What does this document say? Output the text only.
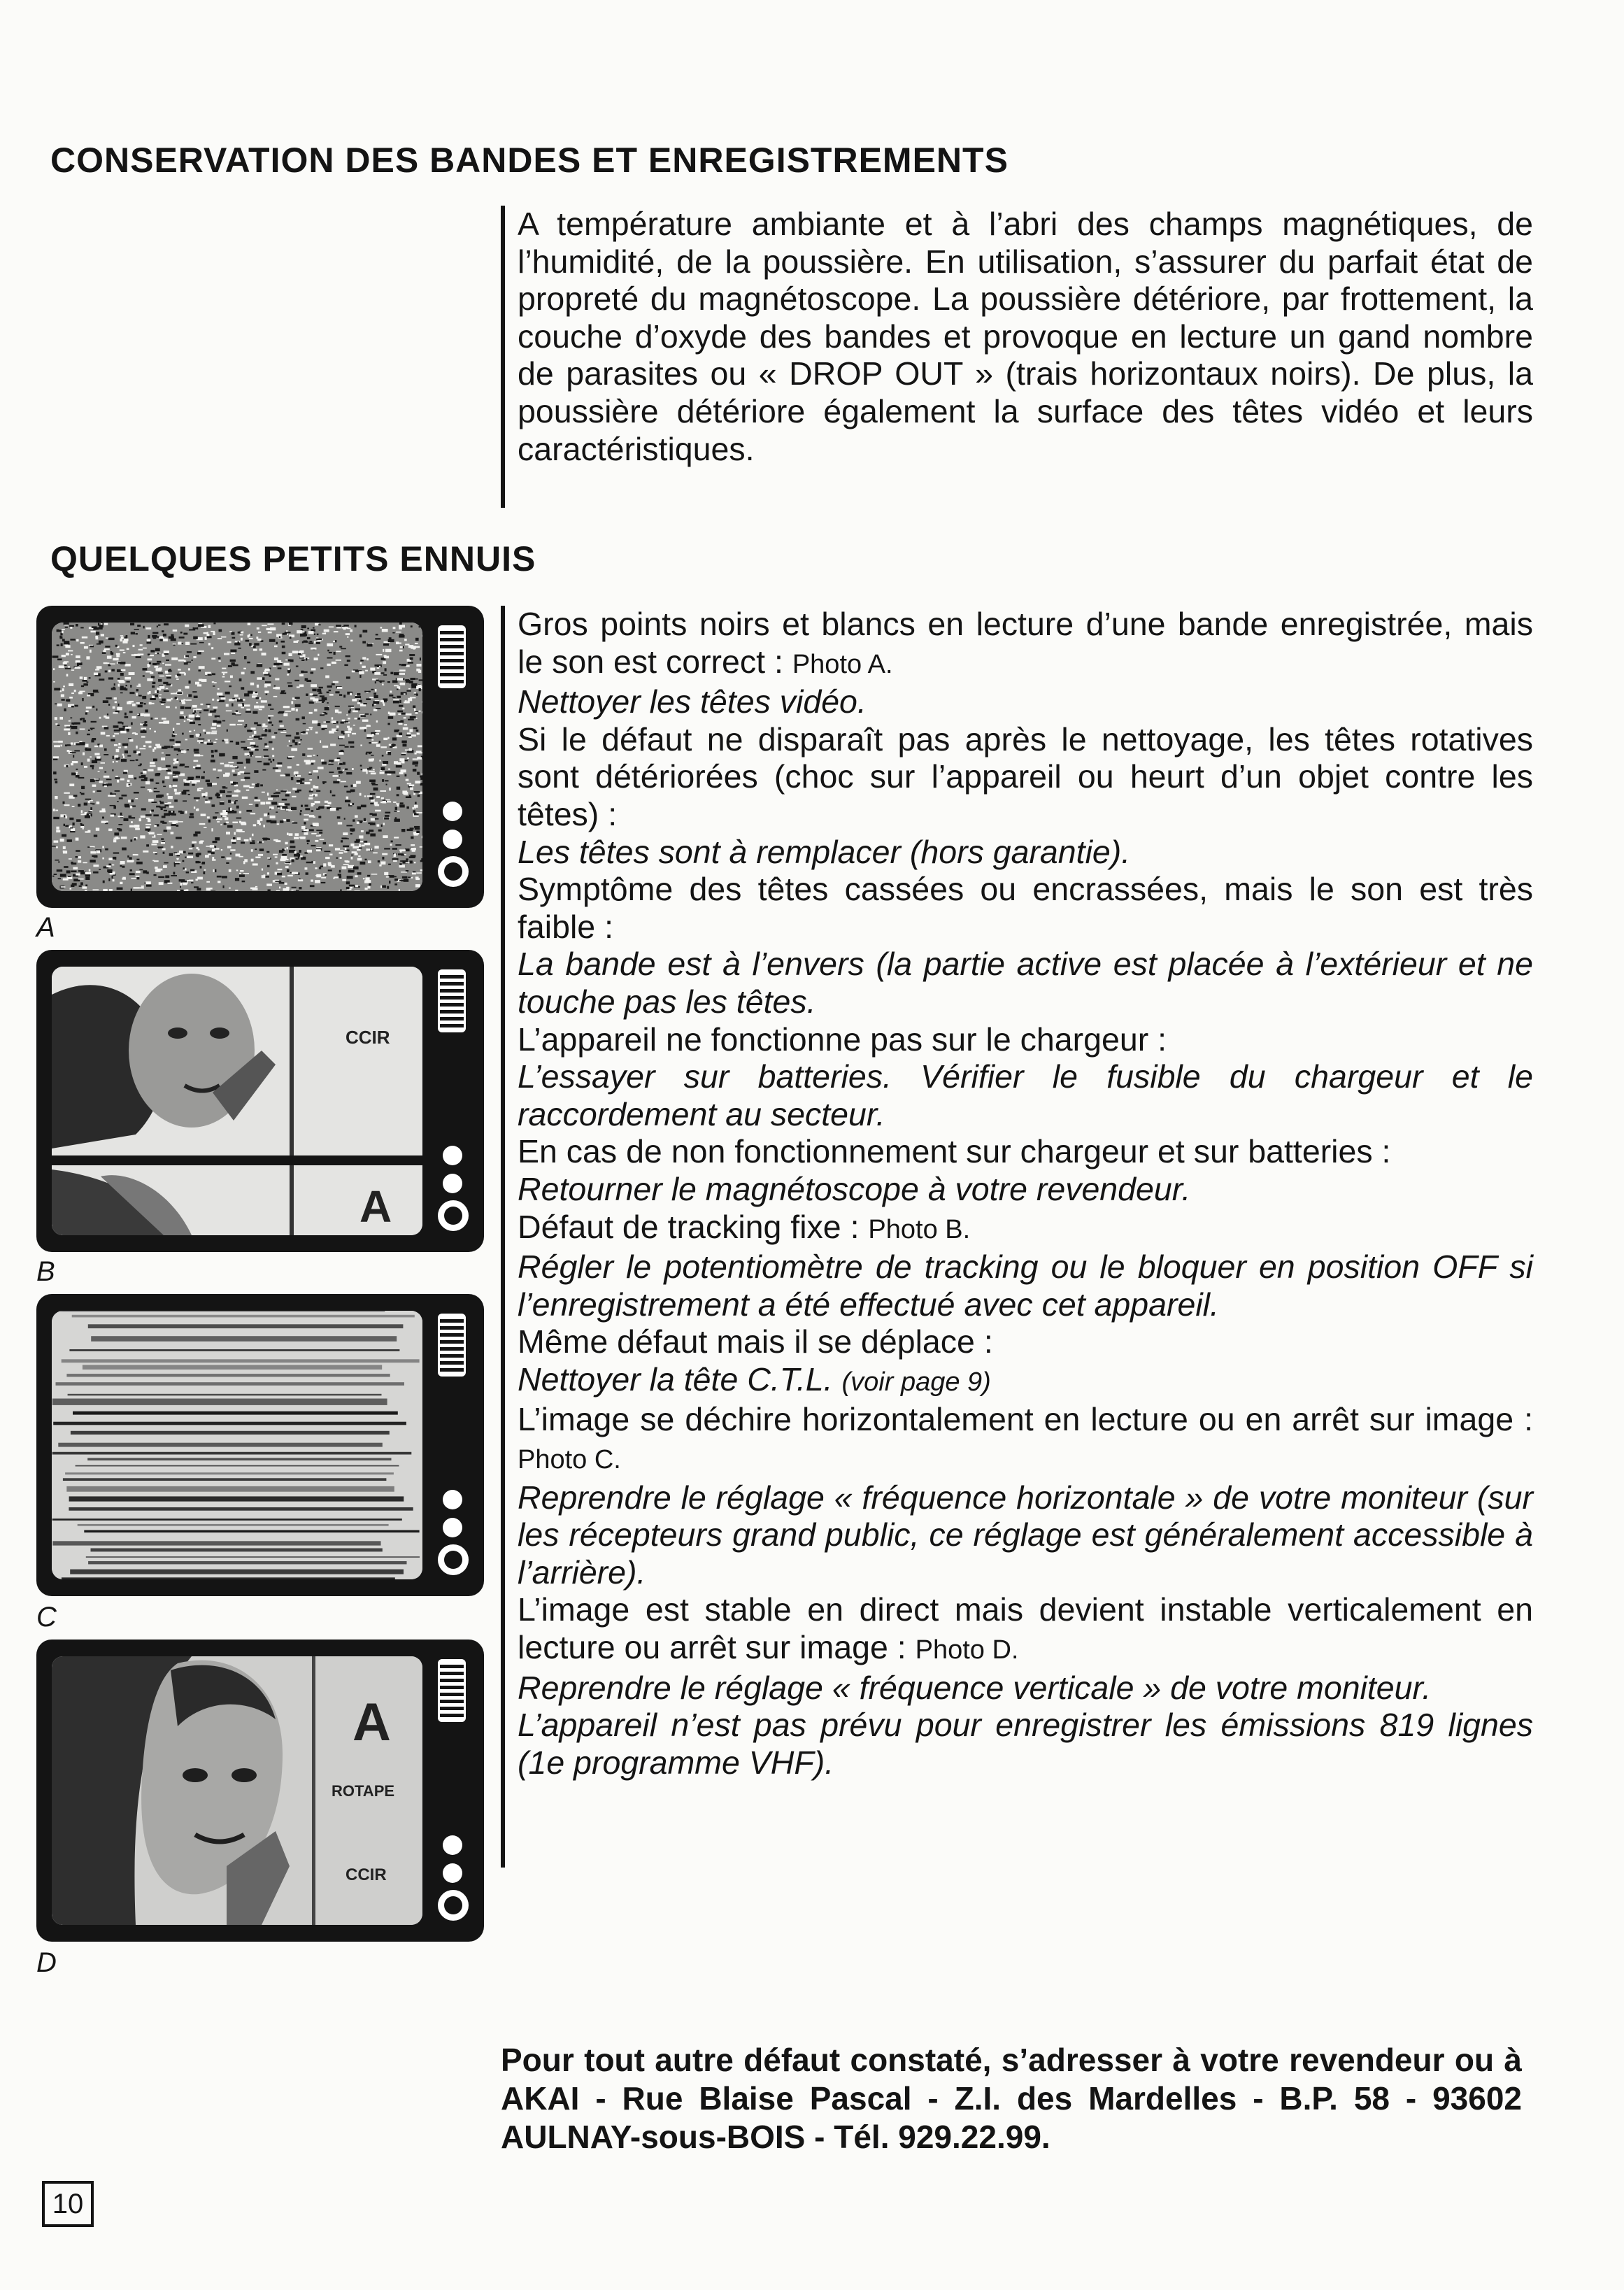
CONSERVATION DES BANDES ET ENREGISTREMENTS

A température ambiante et à l’abri des champs magnétiques, de l’humidité, de la poussière. En utilisation, s’assurer du parfait état de propreté du magnétoscope. La poussière détériore, par frottement, la couche d’oxyde des bandes et provoque en lecture un gand nombre de parasites ou « DROP OUT » (trais horizontaux noirs). De plus, la poussière détériore également la surface des têtes vidéo et leurs caractéristiques.

QUELQUES PETITS ENNUIS

Gros points noirs et blancs en lecture d’une bande enregistrée, mais le son est correct : Photo A.

Nettoyer les têtes vidéo.

Si le défaut ne disparaît pas après le nettoyage, les têtes rotatives sont détériorées (choc sur l’appareil ou heurt d’un objet contre les têtes) :

Les têtes sont à remplacer (hors garantie).

Symptôme des têtes cassées ou encrassées, mais le son est très faible :

La bande est à l’envers (la partie active est placée à l’extérieur et ne touche pas les têtes.

L’appareil ne fonctionne pas sur le chargeur :

L’essayer sur batteries. Vérifier le fusible du chargeur et le raccordement au secteur.

En cas de non fonctionnement sur chargeur et sur batteries :

Retourner le magnétoscope à votre revendeur.

Défaut de tracking fixe : Photo B.

Régler le potentiomètre de tracking ou le bloquer en position OFF si l’enregistrement a été effectué avec cet appareil.

Même défaut mais il se déplace :

Nettoyer la tête C.T.L. (voir page 9)

L’image se déchire horizontalement en lecture ou en arrêt sur image : Photo C.

Reprendre le réglage « fréquence horizontale » de votre moniteur (sur les récepteurs grand public, ce réglage est généralement accessible à l’arrière).

L’image est stable en direct mais devient instable verticalement en lecture ou arrêt sur image : Photo D.

Reprendre le réglage « fréquence verticale » de votre moniteur.

L’appareil n’est pas prévu pour enregistrer les émissions 819 lignes (1e programme VHF).

A
CCIR
A
B
C
A
ROTAPE
CCIR
D

Pour tout autre défaut constaté, s’adresser à votre revendeur ou à AKAI - Rue Blaise Pascal - Z.I. des Mardelles - B.P. 58 - 93602 AULNAY-sous-BOIS - Tél. 929.22.99.

10
